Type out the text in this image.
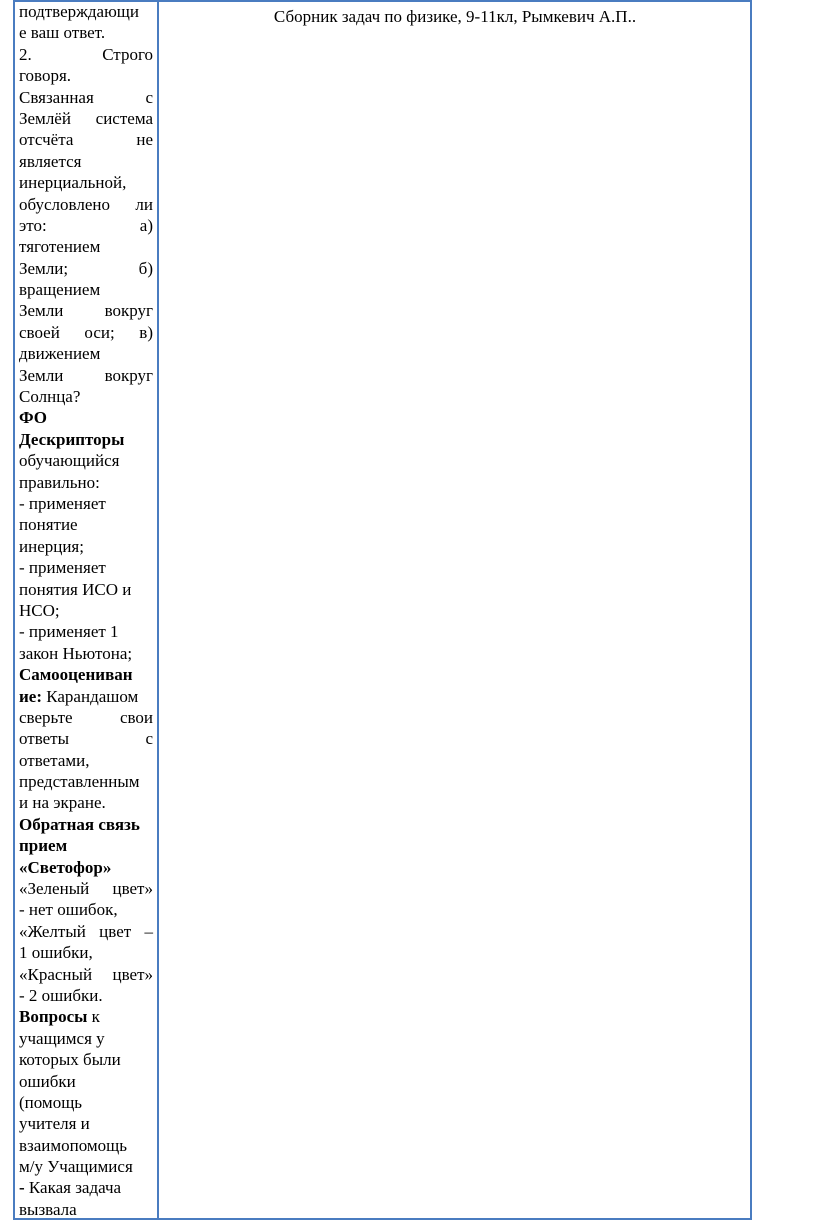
Сборник задач по физике, 9-11кл, Рымкевич А.П..
подтверждающи
е ваш ответ.
2. Строго
говоря.
Связанная с
Землёй система
отсчёта не
является
инерциальной,
обусловлено ли
это: а)
тяготением
Земли; б)
вращением
Земли вокруг
своей оси; в)
движением
Земли вокруг
Солнца?
ФО
Дескрипторы
обучающийся
правильно:
- применяет
понятие
инерция;
- применяет
понятия ИСО и
НСО;
- применяет 1
закон Ньютона;
Самооцениван
ие: Карандашом
сверьте свои
ответы с
ответами,
представленным
и на экране.
Обратная связь
прием
«Светофор»
«Зеленый цвет»
- нет ошибок,
«Желтый цвет –
1 ошибки,
«Красный цвет»
- 2 ошибки.
Вопросы к
учащимся у
которых были
ошибки
(помощь
учителя и
взаимопомощь
м/у Учащимися
- Какая задача
вызвала
